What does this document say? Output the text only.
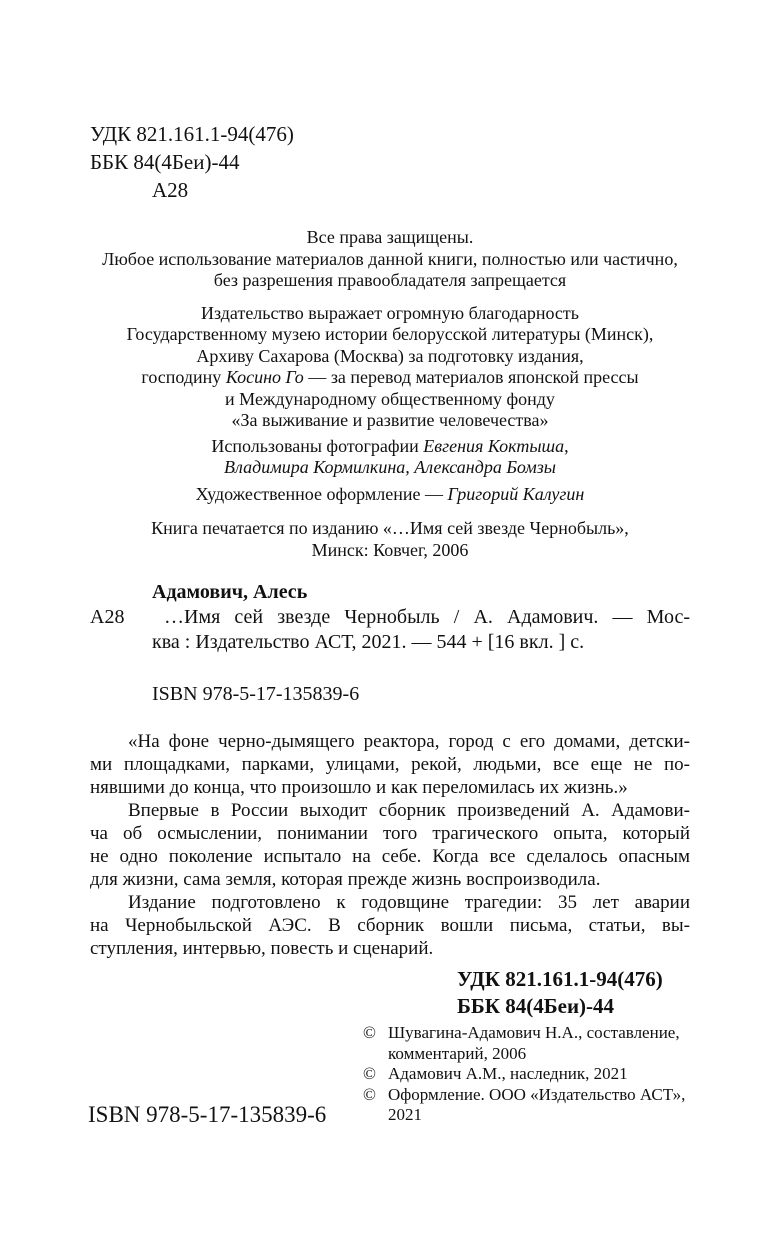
УДК 821.161.1-94(476)
ББК 84(4Беи)-44
А28
Все права защищены.
Любое использование материалов данной книги, полностью или частично,
без разрешения правообладателя запрещается
Издательство выражает огромную благодарность
Государственному музею истории белорусской литературы (Минск),
Архиву Сахарова (Москва) за подготовку издания,
господину Косино Го — за перевод материалов японской прессы
и Международному общественному фонду
«За выживание и развитие человечества»
Использованы фотографии Евгения Коктыша,
Владимира Кормилкина, Александра Бомзы
Художественное оформление — Григорий Калугин
Книга печатается по изданию «…Имя сей звезде Чернобыль»,
Минск: Ковчег, 2006
Адамович, Алесь
А28	…Имя сей звезде Чернобыль / А. Адамович. — Мос-
ква : Издательство АСТ, 2021. — 544 + [16 вкл. ] с.
ISBN 978-5-17-135839-6
«На фоне черно-дымящего реактора, город с его домами, детски-
ми площадками, парками, улицами, рекой, людьми, все еще не по-
нявшими до конца, что произошло и как переломилась их жизнь.»
Впервые в России выходит сборник произведений А. Адамови-
ча об осмыслении, понимании того трагического опыта, который
не одно поколение испытало на себе. Когда все сделалось опасным
для жизни, сама земля, которая прежде жизнь воспроизводила.
Издание подготовлено к годовщине трагедии: 35 лет аварии
на Чернобыльской АЭС. В сборник вошли письма, статьи, вы-
ступления, интервью, повесть и сценарий.
УДК 821.161.1-94(476)
ББК 84(4Беи)-44
© Шувагина-Адамович Н.А., составление,
комментарий, 2006
© Адамович А.М., наследник, 2021
© Оформление. ООО «Издательство АСТ»,
2021
ISBN 978-5-17-135839-6
